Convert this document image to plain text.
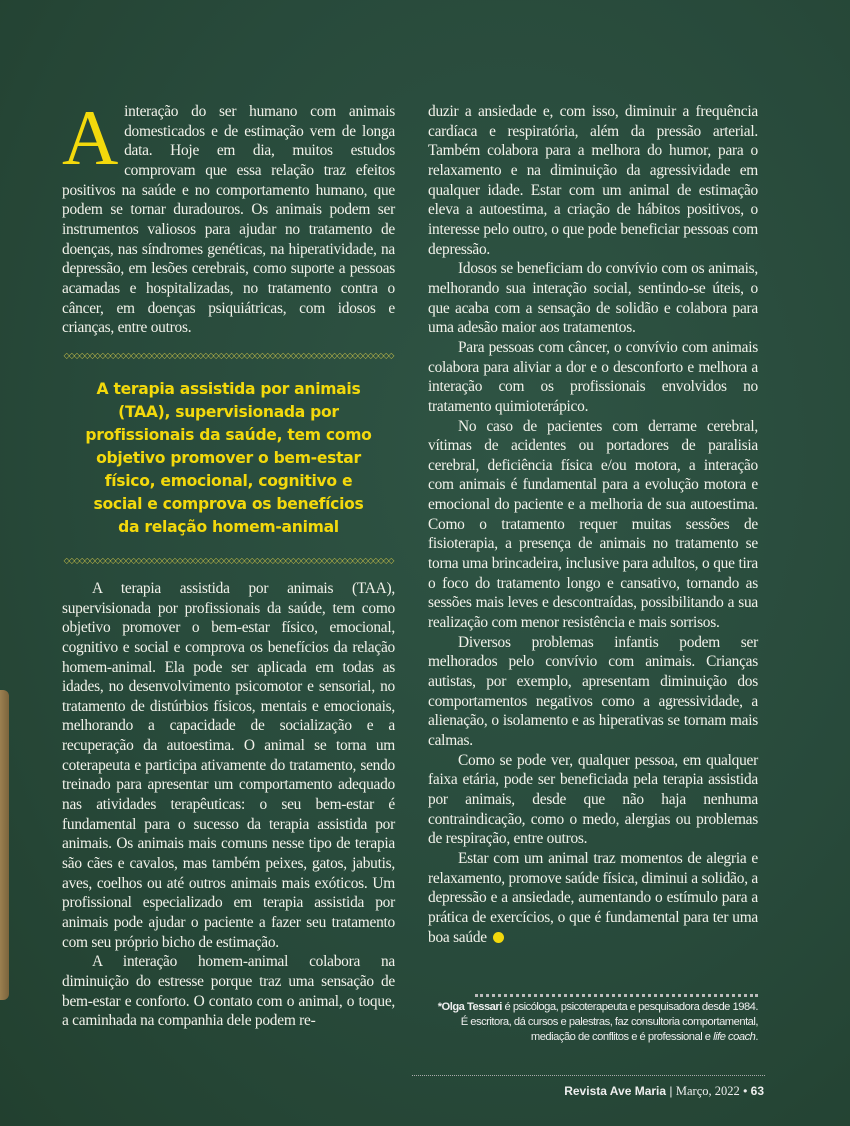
Ainteração do ser humano com animais domesticados e de estimação vem de longa data. Hoje em dia, muitos estudos comprovam que essa relação traz efeitos positivos na saúde e no comportamento humano, que podem se tornar duradouros. Os animais podem ser instrumentos valiosos para ajudar no tratamento de doenças, nas síndromes genéticas, na hiperatividade, na depressão, em lesões cerebrais, como suporte a pessoas acamadas e hospitalizadas, no tratamento contra o câncer, em doenças psiquiátricas, com idosos e crianças, entre outros.

◇◇◇◇◇◇◇◇◇◇◇◇◇◇◇◇◇◇◇◇◇◇◇◇◇◇◇◇◇◇◇◇◇◇◇◇◇◇◇◇◇◇◇◇◇◇◇◇◇◇◇◇◇◇◇◇◇◇◇◇◇◇◇◇
A terapia assistida por animais (TAA), supervisionada por profissionais da saúde, tem como objetivo promover o bem-estar físico, emocional, cognitivo e social e comprova os benefícios da relação homem-animal
◇◇◇◇◇◇◇◇◇◇◇◇◇◇◇◇◇◇◇◇◇◇◇◇◇◇◇◇◇◇◇◇◇◇◇◇◇◇◇◇◇◇◇◇◇◇◇◇◇◇◇◇◇◇◇◇◇◇◇◇◇◇◇◇

A terapia assistida por animais (TAA), supervisionada por profissionais da saúde, tem como objetivo promover o bem-estar físico, emocional, cognitivo e social e comprova os benefícios da relação homem-animal. Ela pode ser aplicada em todas as idades, no desenvolvimento psicomotor e sensorial, no tratamento de distúrbios físicos, mentais e emocionais, melhorando a capacidade de socialização e a recuperação da autoestima. O animal se torna um coterapeuta e participa ativamente do tratamento, sendo treinado para apresentar um comportamento adequado nas atividades terapêuticas: o seu bem-estar é fundamental para o sucesso da terapia assistida por animais. Os animais mais comuns nesse tipo de terapia são cães e cavalos, mas também peixes, gatos, jabutis, aves, coelhos ou até outros animais mais exóticos. Um profissional especializado em terapia assistida por animais pode ajudar o paciente a fazer seu tratamento com seu próprio bicho de estimação.

A interação homem-animal colabora na diminuição do estresse porque traz uma sensação de bem-estar e conforto. O contato com o animal, o toque, a caminhada na companhia dele podem re-

duzir a ansiedade e, com isso, diminuir a frequência cardíaca e respiratória, além da pressão arterial. Também colabora para a melhora do humor, para o relaxamento e na diminuição da agressividade em qualquer idade. Estar com um animal de estimação eleva a autoestima, a criação de hábitos positivos, o interesse pelo outro, o que pode beneficiar pessoas com depressão.

Idosos se beneficiam do convívio com os animais, melhorando sua interação social, sentindo-se úteis, o que acaba com a sensação de solidão e colabora para uma adesão maior aos tratamentos.

Para pessoas com câncer, o convívio com animais colabora para aliviar a dor e o desconforto e melhora a interação com os profissionais envolvidos no tratamento quimioterápico.

No caso de pacientes com derrame cerebral, vítimas de acidentes ou portadores de paralisia cerebral, deficiência física e/ou motora, a interação com animais é fundamental para a evolução motora e emocional do paciente e a melhoria de sua autoestima. Como o tratamento requer muitas sessões de fisioterapia, a presença de animais no tratamento se torna uma brincadeira, inclusive para adultos, o que tira o foco do tratamento longo e cansativo, tornando as sessões mais leves e descontraídas, possibilitando a sua realização com menor resistência e mais sorrisos.

Diversos problemas infantis podem ser melhorados pelo convívio com animais. Crianças autistas, por exemplo, apresentam diminuição dos comportamentos negativos como a agressividade, a alienação, o isolamento e as hiperativas se tornam mais calmas.

Como se pode ver, qualquer pessoa, em qualquer faixa etária, pode ser beneficiada pela terapia assistida por animais, desde que não haja nenhuma contraindicação, como o medo, alergias ou problemas de respiração, entre outros.

Estar com um animal traz momentos de alegria e relaxamento, promove saúde física, diminui a solidão, a depressão e a ansiedade, aumentando o estímulo para a prática de exercícios, o que é fundamental para ter uma boa saúde

*Olga Tessari é psicóloga, psicoterapeuta e pesquisadora desde 1984. É escritora, dá cursos e palestras, faz consultoria comportamental, mediação de conflitos e é professional e life coach.
Revista Ave Maria | Março, 2022 • 63
